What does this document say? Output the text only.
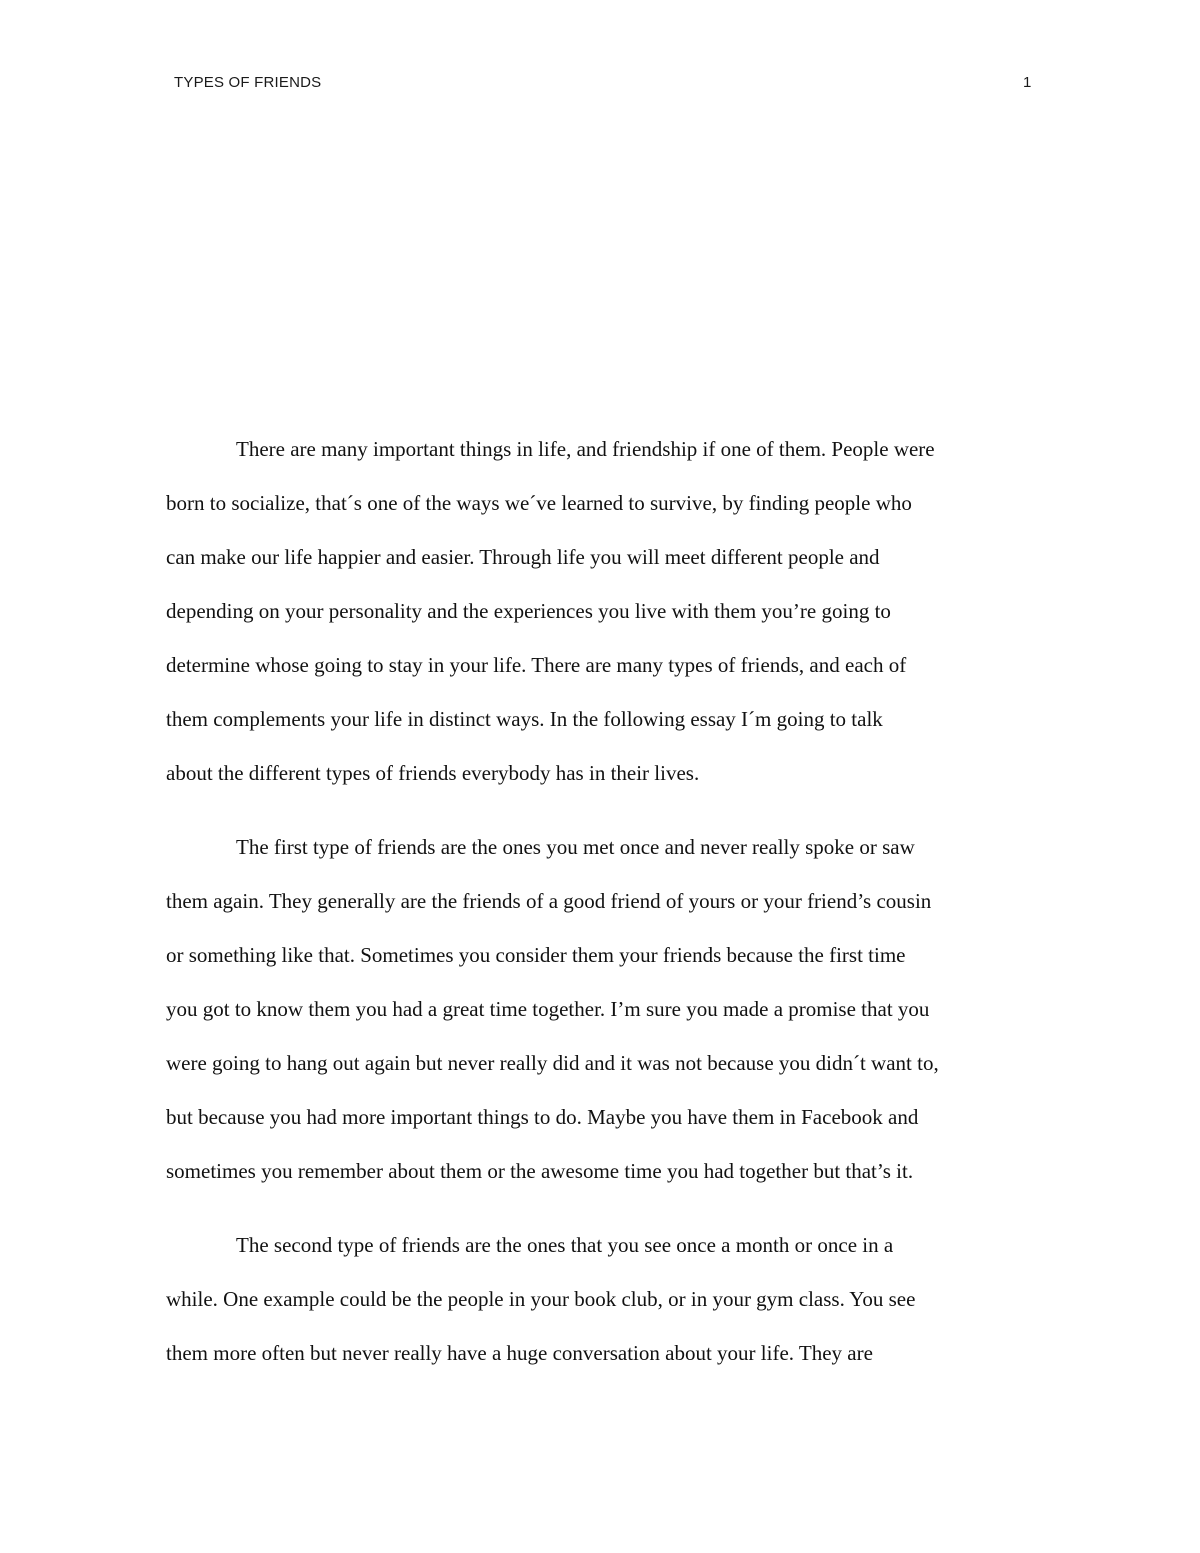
TYPES OF FRIENDS	1
There are many important things in life, and friendship if one of them. People were
born to socialize, that´s one of the ways we´ve learned to survive, by finding people who
can make our life happier and easier. Through life you will meet different people and
depending on your personality and the experiences you live with them you’re going to
determine whose going to stay in your life. There are many types of friends, and each of
them complements your life in distinct ways. In the following essay I´m going to talk
about the different types of friends everybody has in their lives.
The first type of friends are the ones you met once and never really spoke or saw
them again. They generally are the friends of a good friend of yours or your friend’s cousin
or something like that. Sometimes you consider them your friends because the first time
you got to know them you had a great time together. I’m sure you made a promise that you
were going to hang out again but never really did and it was not because you didn´t want to,
but because you had more important things to do. Maybe you have them in Facebook and
sometimes you remember about them or the awesome time you had together but that’s it.
The second type of friends are the ones that you see once a month or once in a
while. One example could be the people in your book club, or in your gym class. You see
them more often but never really have a huge conversation about your life. They are
